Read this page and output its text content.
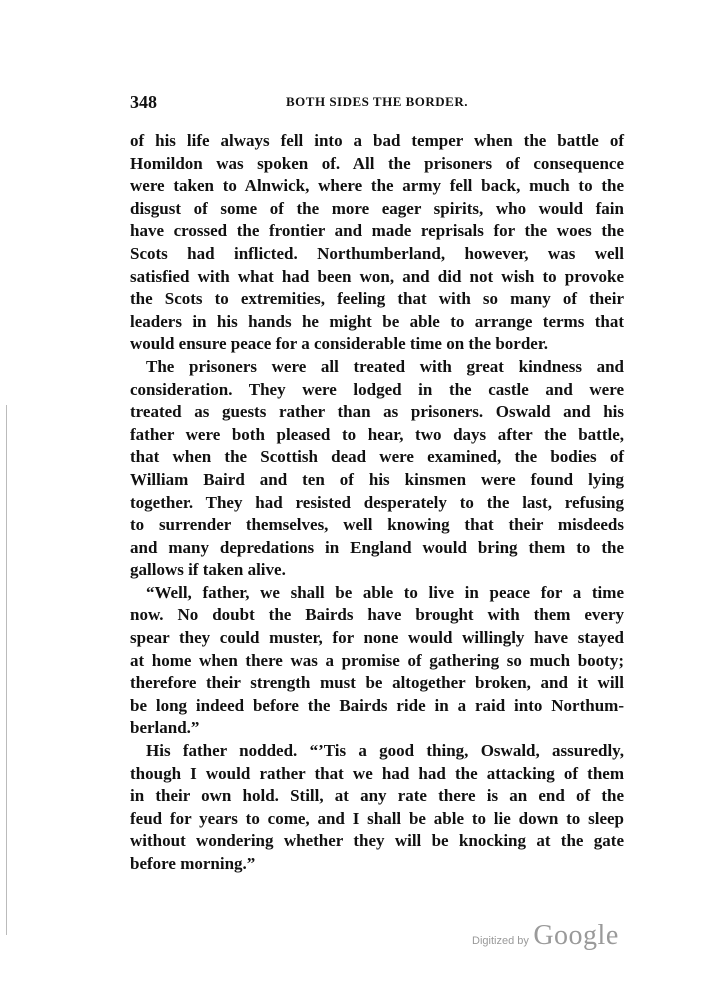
348	BOTH SIDES THE BORDER.
of his life always fell into a bad temper when the battle of
Homildon was spoken of. All the prisoners of consequence
were taken to Alnwick, where the army fell back, much to the
disgust of some of the more eager spirits, who would fain
have crossed the frontier and made reprisals for the woes the
Scots had inflicted. Northumberland, however, was well
satisfied with what had been won, and did not wish to provoke
the Scots to extremities, feeling that with so many of their
leaders in his hands he might be able to arrange terms that
would ensure peace for a considerable time on the border.
The prisoners were all treated with great kindness and
consideration. They were lodged in the castle and were
treated as guests rather than as prisoners. Oswald and his
father were both pleased to hear, two days after the battle,
that when the Scottish dead were examined, the bodies of
William Baird and ten of his kinsmen were found lying
together. They had resisted desperately to the last, refusing
to surrender themselves, well knowing that their misdeeds
and many depredations in England would bring them to the
gallows if taken alive.
“Well, father, we shall be able to live in peace for a time
now. No doubt the Bairds have brought with them every
spear they could muster, for none would willingly have stayed
at home when there was a promise of gathering so much booty;
therefore their strength must be altogether broken, and it will
be long indeed before the Bairds ride in a raid into Northum-
berland.”
His father nodded. “’Tis a good thing, Oswald, assuredly,
though I would rather that we had had the attacking of them
in their own hold. Still, at any rate there is an end of the
feud for years to come, and I shall be able to lie down to sleep
without wondering whether they will be knocking at the gate
before morning.”
Digitized by Google
